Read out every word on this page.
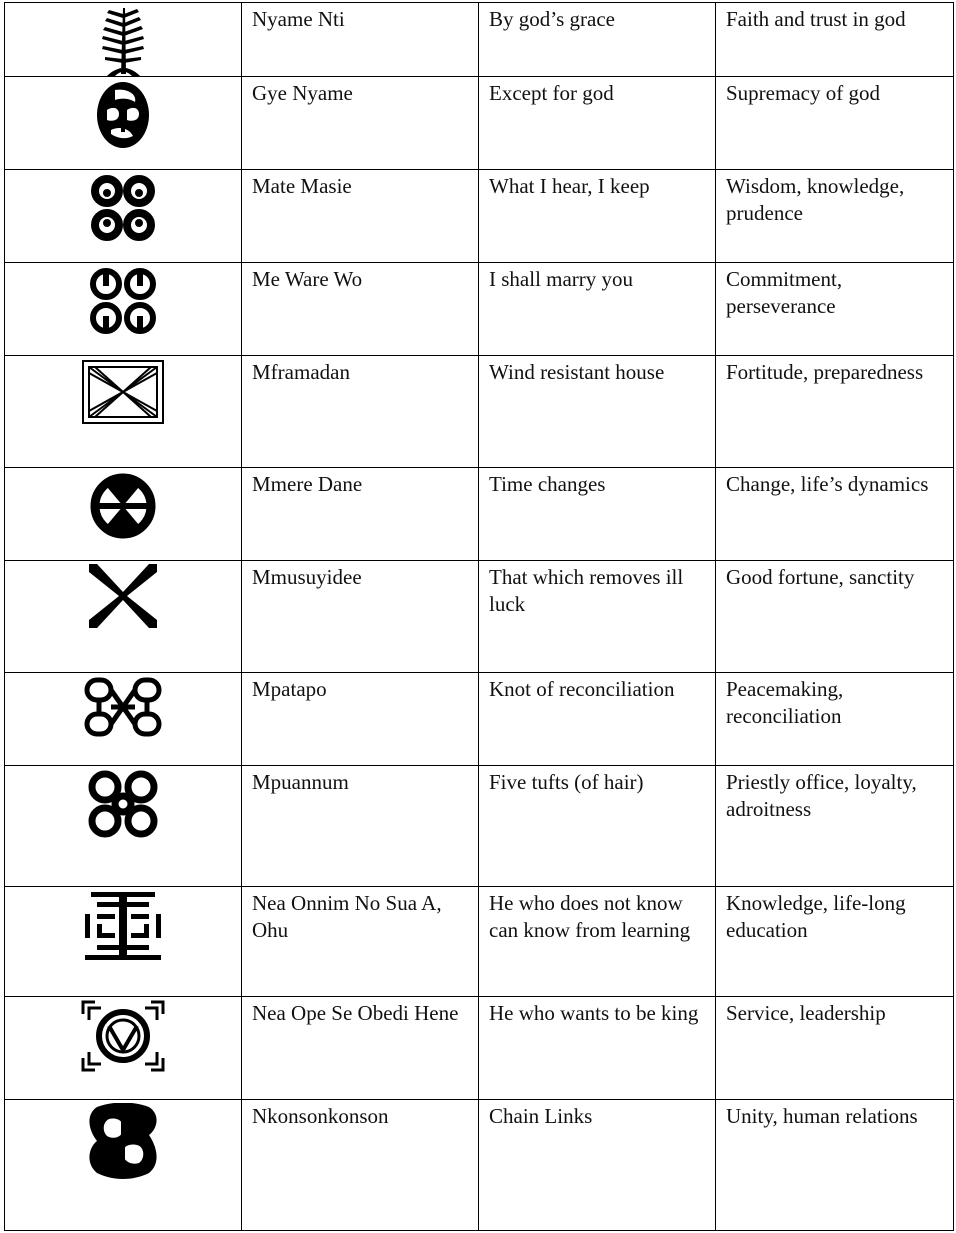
	Nyame Nti	By god’s grace	Faith and trust in god

	Gye Nyame	Except for god	Supremacy of god

	Mate Masie	What I hear, I keep	Wisdom, knowledge, prudence

	Me Ware Wo	I shall marry you	Commitment, perseverance

	Mframadan	Wind resistant house	Fortitude, preparedness

	Mmere Dane	Time changes	Change, life’s dynamics

	Mmusuyidee	That which removes ill luck	Good fortune, sanctity

	Mpatapo	Knot of reconciliation	Peacemaking, reconciliation

	Mpuannum	Five tufts (of hair)	Priestly office, loyalty, adroitness

	Nea Onnim No Sua A, Ohu	He who does not know can know from learning	Knowledge, life-long education

	Nea Ope Se Obedi Hene	He who wants to be king	Service, leadership

	Nkonsonkonson	Chain Links	Unity, human relations
